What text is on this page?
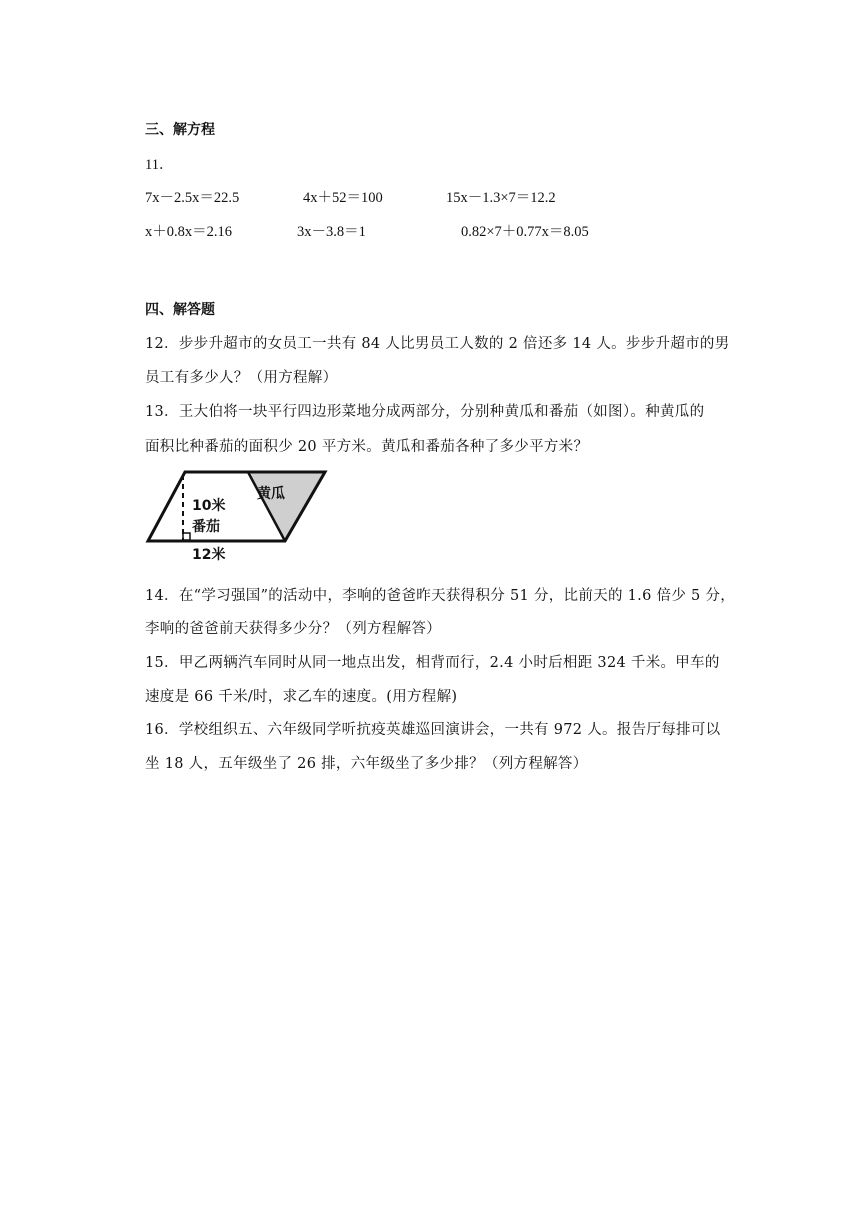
三、解方程
11．
7x－2.5x＝22.5	4x＋52＝100	15x－1.3×7＝12.2
x＋0.8x＝2.16	3x－3.8＝1	0.82×7＋0.77x＝8.05
四、解答题
12．步步升超市的女员工一共有 84 人比男员工人数的 2 倍还多 14 人。步步升超市的男
员工有多少人？（用方程解）
13．王大伯将一块平行四边形菜地分成两部分，分别种黄瓜和番茄（如图）。种黄瓜的
面积比种番茄的面积少 20 平方米。黄瓜和番茄各种了多少平方米？
10米
番茄
黄瓜
12米
14．在“学习强国”的活动中，李响的爸爸昨天获得积分 51 分，比前天的 1.6 倍少 5 分，
李响的爸爸前天获得多少分？（列方程解答）
15．甲乙两辆汽车同时从同一地点出发，相背而行，2.4 小时后相距 324 千米。甲车的
速度是 66 千米/时，求乙车的速度。(用方程解)
16．学校组织五、六年级同学听抗疫英雄巡回演讲会，一共有 972 人。报告厅每排可以
坐 18 人，五年级坐了 26 排，六年级坐了多少排？（列方程解答）
